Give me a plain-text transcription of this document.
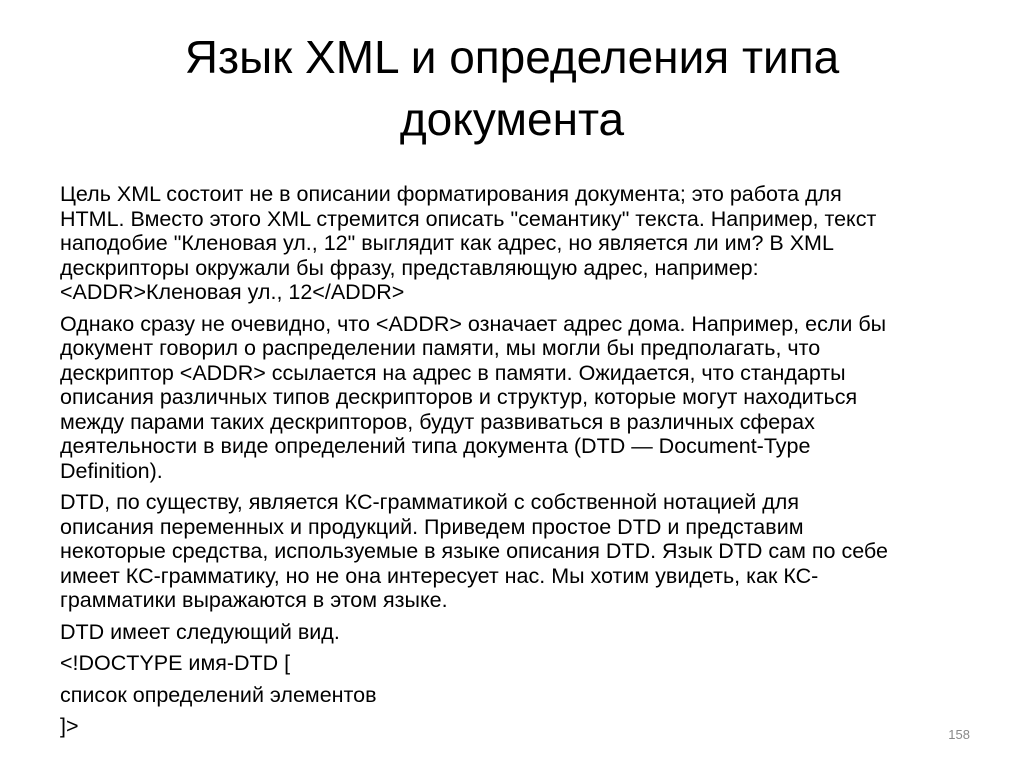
Язык XML и определения типа
документа

Цель XML состоит не в описании форматирования документа; это работа для
HTML. Вместо этого XML стремится описать "семантику" текста. Например, текст
наподобие "Кленовая ул., 12" выглядит как адрес, но является ли им? В XML
дескрипторы окружали бы фразу, представляющую адрес, например:
<ADDR>Кленовая ул., 12</ADDR>

Однако сразу не очевидно, что <ADDR> означает адрес дома. Например, если бы
документ говорил о распределении памяти, мы могли бы предполагать, что
дескриптор <ADDR> ссылается на адрес в памяти. Ожидается, что стандарты
описания различных типов дескрипторов и структур, которые могут находиться
между парами таких дескрипторов, будут развиваться в различных сферах
деятельности в виде определений типа документа (DTD — Document-Type
Definition).

DTD, по существу, является КС-грамматикой с собственной нотацией для
описания переменных и продукций. Приведем простое DTD и представим
некоторые средства, используемые в языке описания DTD. Язык DTD сам по себе
имеет КС-грамматику, но не она интересует нас. Мы хотим увидеть, как КС-
грамматики выражаются в этом языке.

DTD имеет следующий вид.

<!DOCTYPE имя-DTD [

список определений элементов

]>	158
